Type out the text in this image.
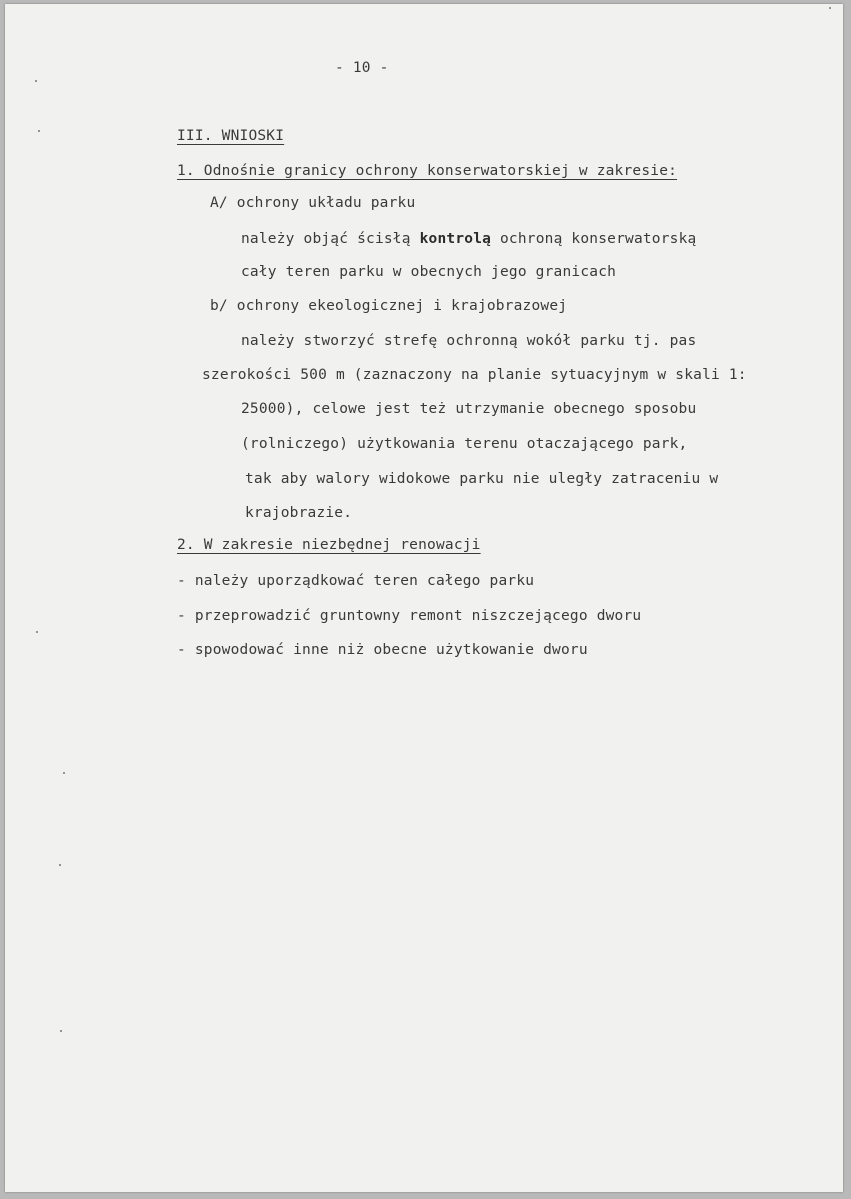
- 10 -
III. WNIOSKI
1. Odnośnie granicy ochrony konserwatorskiej w zakresie:
A/ ochrony układu parku
należy objąć ścisłą kontrolą ochroną konserwatorską
cały teren parku w obecnych jego granicach
b/ ochrony ekeologicznej i krajobrazowej
należy stworzyć strefę ochronną wokół parku tj. pas
szerokości 500 m (zaznaczony na planie sytuacyjnym w skali 1:
25000), celowe jest też utrzymanie obecnego sposobu
(rolniczego) użytkowania terenu otaczającego park,
tak aby walory widokowe parku nie uległy zatraceniu w
krajobrazie.
2. W zakresie niezbędnej renowacji
- należy uporządkować teren całego parku
- przeprowadzić gruntowny remont niszczejącego dworu
- spowodować inne niż obecne użytkowanie dworu
